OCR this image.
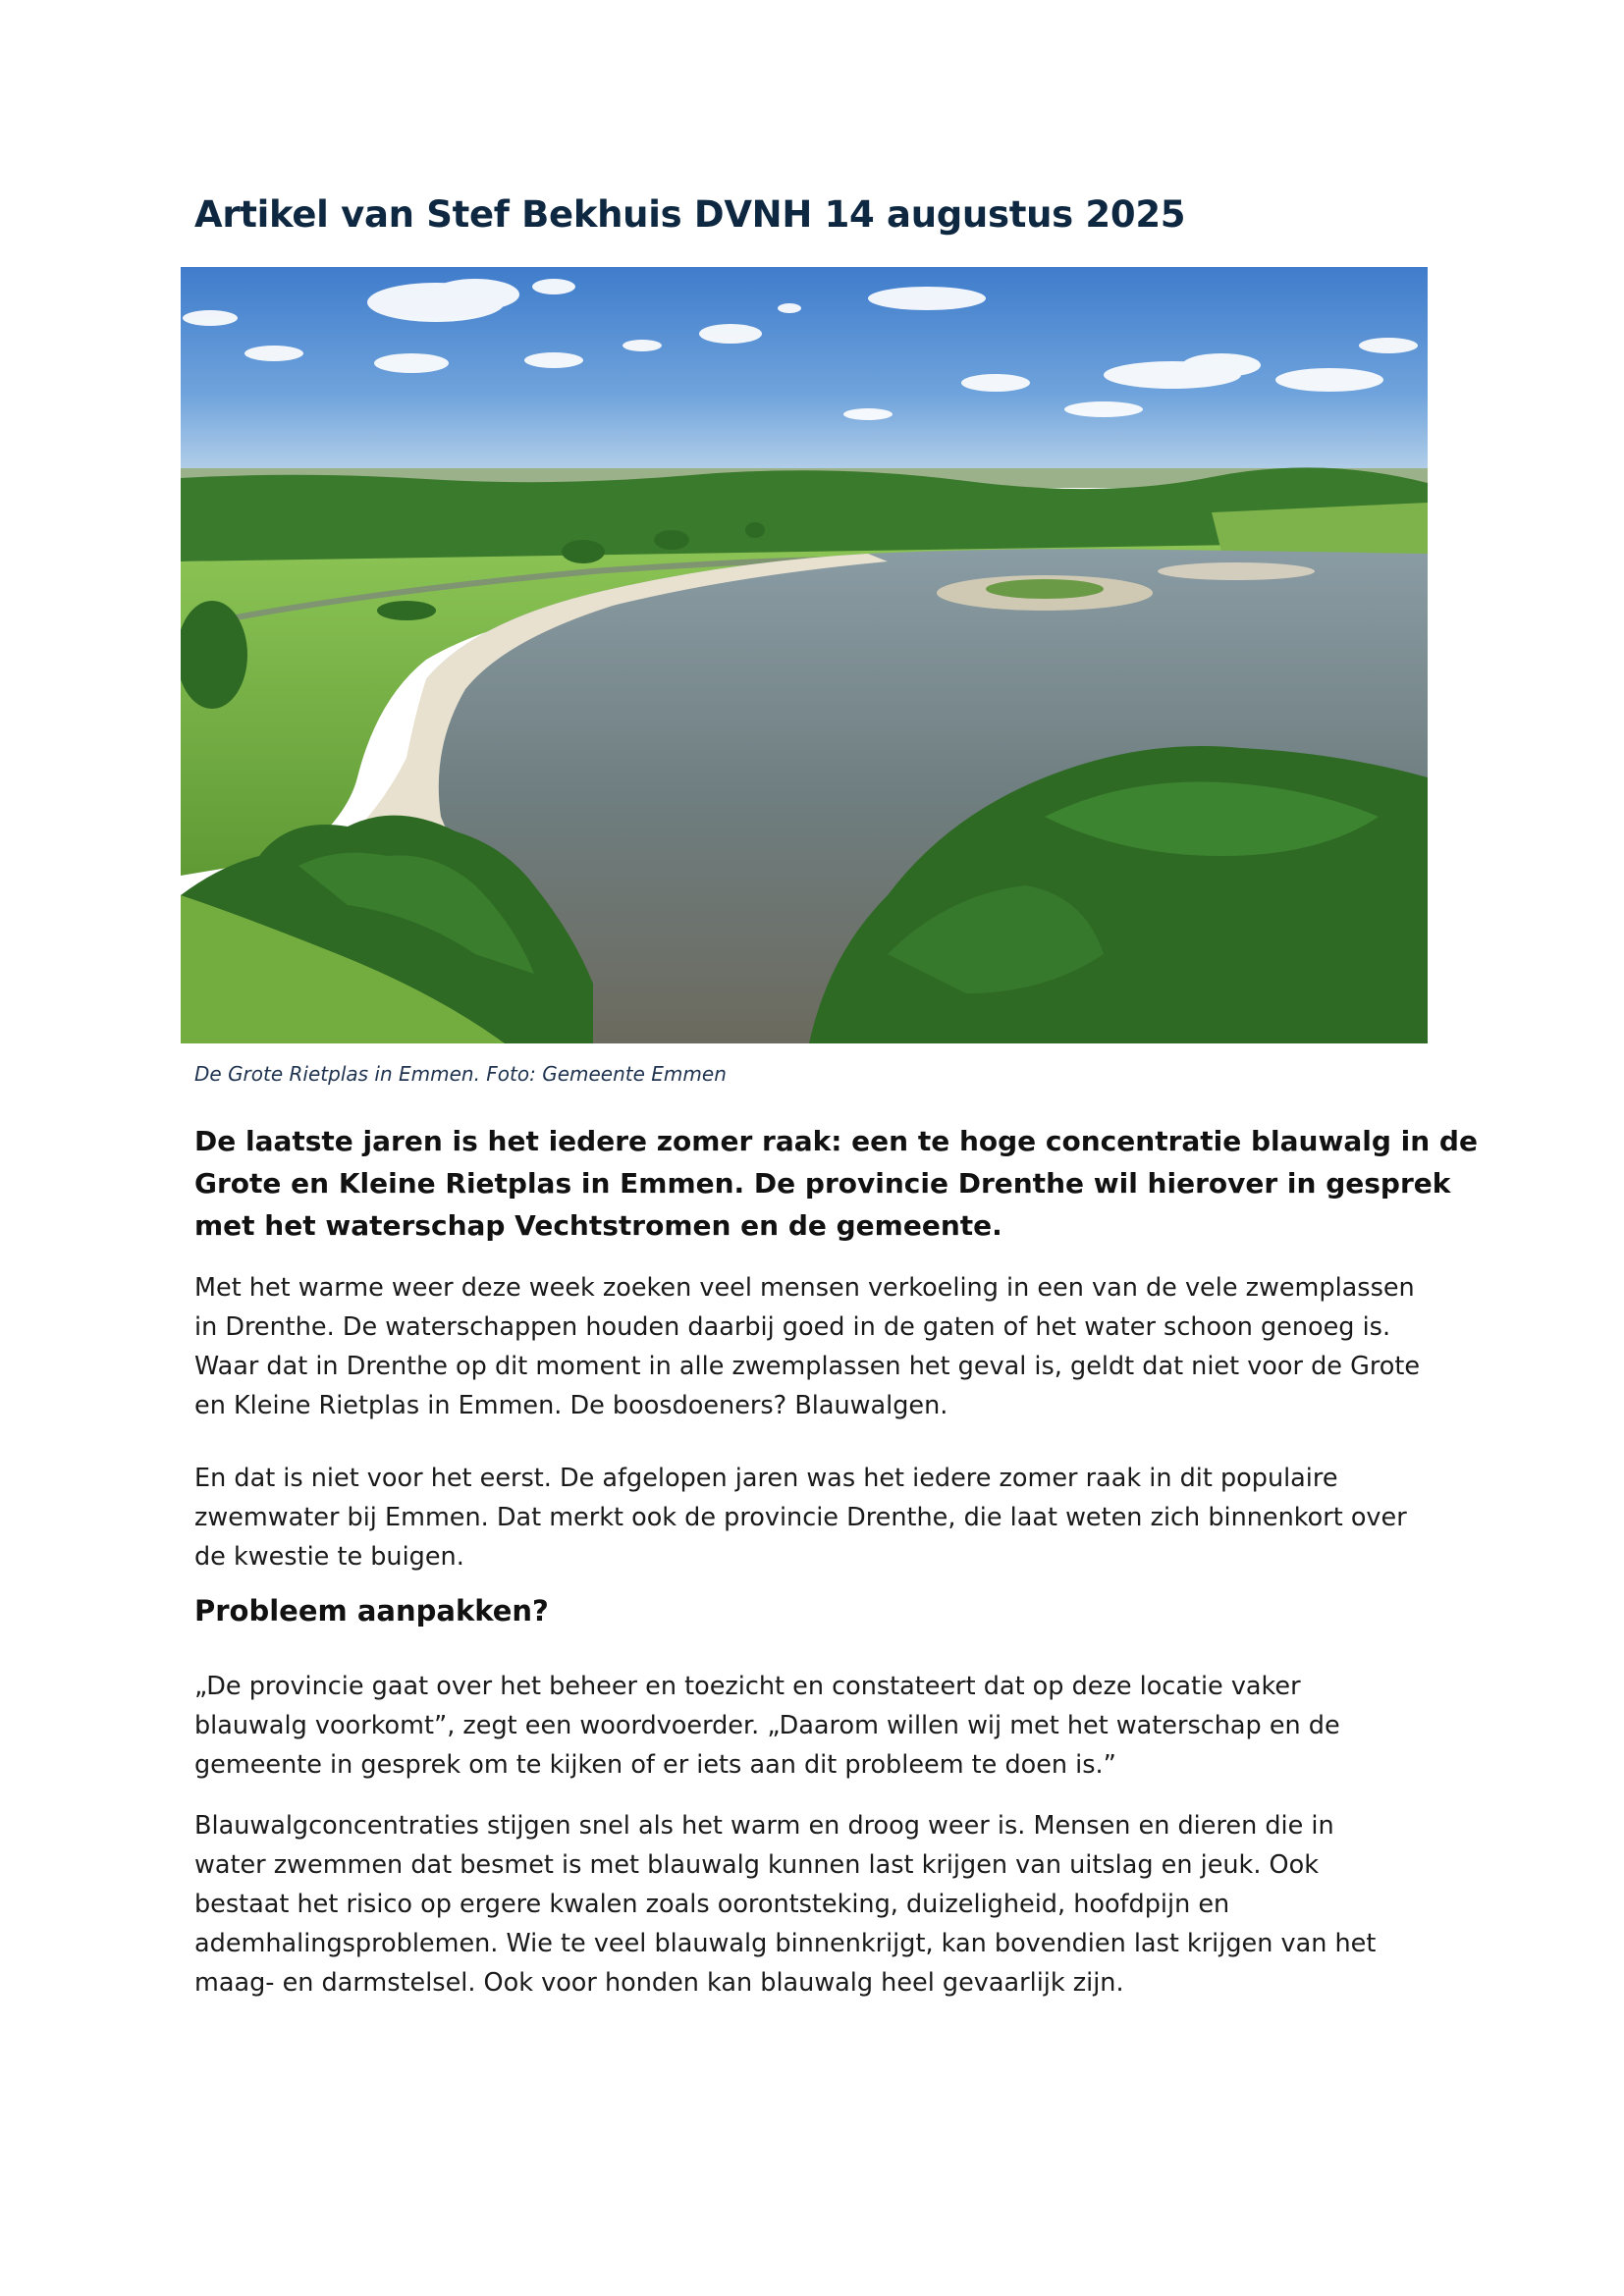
Artikel van Stef Bekhuis DVNH 14 augustus 2025
De Grote Rietplas in Emmen. Foto: Gemeente Emmen

De laatste jaren is het iedere zomer raak: een te hoge concentratie blauwalg in de
Grote en Kleine Rietplas in Emmen. De provincie Drenthe wil hierover in gesprek
met het waterschap Vechtstromen en de gemeente.

Met het warme weer deze week zoeken veel mensen verkoeling in een van de vele zwemplassen
in Drenthe. De waterschappen houden daarbij goed in de gaten of het water schoon genoeg is.
Waar dat in Drenthe op dit moment in alle zwemplassen het geval is, geldt dat niet voor de Grote
en Kleine Rietplas in Emmen. De boosdoeners? Blauwalgen.

En dat is niet voor het eerst. De afgelopen jaren was het iedere zomer raak in dit populaire
zwemwater bij Emmen. Dat merkt ook de provincie Drenthe, die laat weten zich binnenkort over
de kwestie te buigen.

Probleem aanpakken?

„De provincie gaat over het beheer en toezicht en constateert dat op deze locatie vaker
blauwalg voorkomt”, zegt een woordvoerder. „Daarom willen wij met het waterschap en de
gemeente in gesprek om te kijken of er iets aan dit probleem te doen is.”

Blauwalgconcentraties stijgen snel als het warm en droog weer is. Mensen en dieren die in
water zwemmen dat besmet is met blauwalg kunnen last krijgen van uitslag en jeuk. Ook
bestaat het risico op ergere kwalen zoals oorontsteking, duizeligheid, hoofdpijn en
ademhalingsproblemen. Wie te veel blauwalg binnenkrijgt, kan bovendien last krijgen van het
maag- en darmstelsel. Ook voor honden kan blauwalg heel gevaarlijk zijn.
